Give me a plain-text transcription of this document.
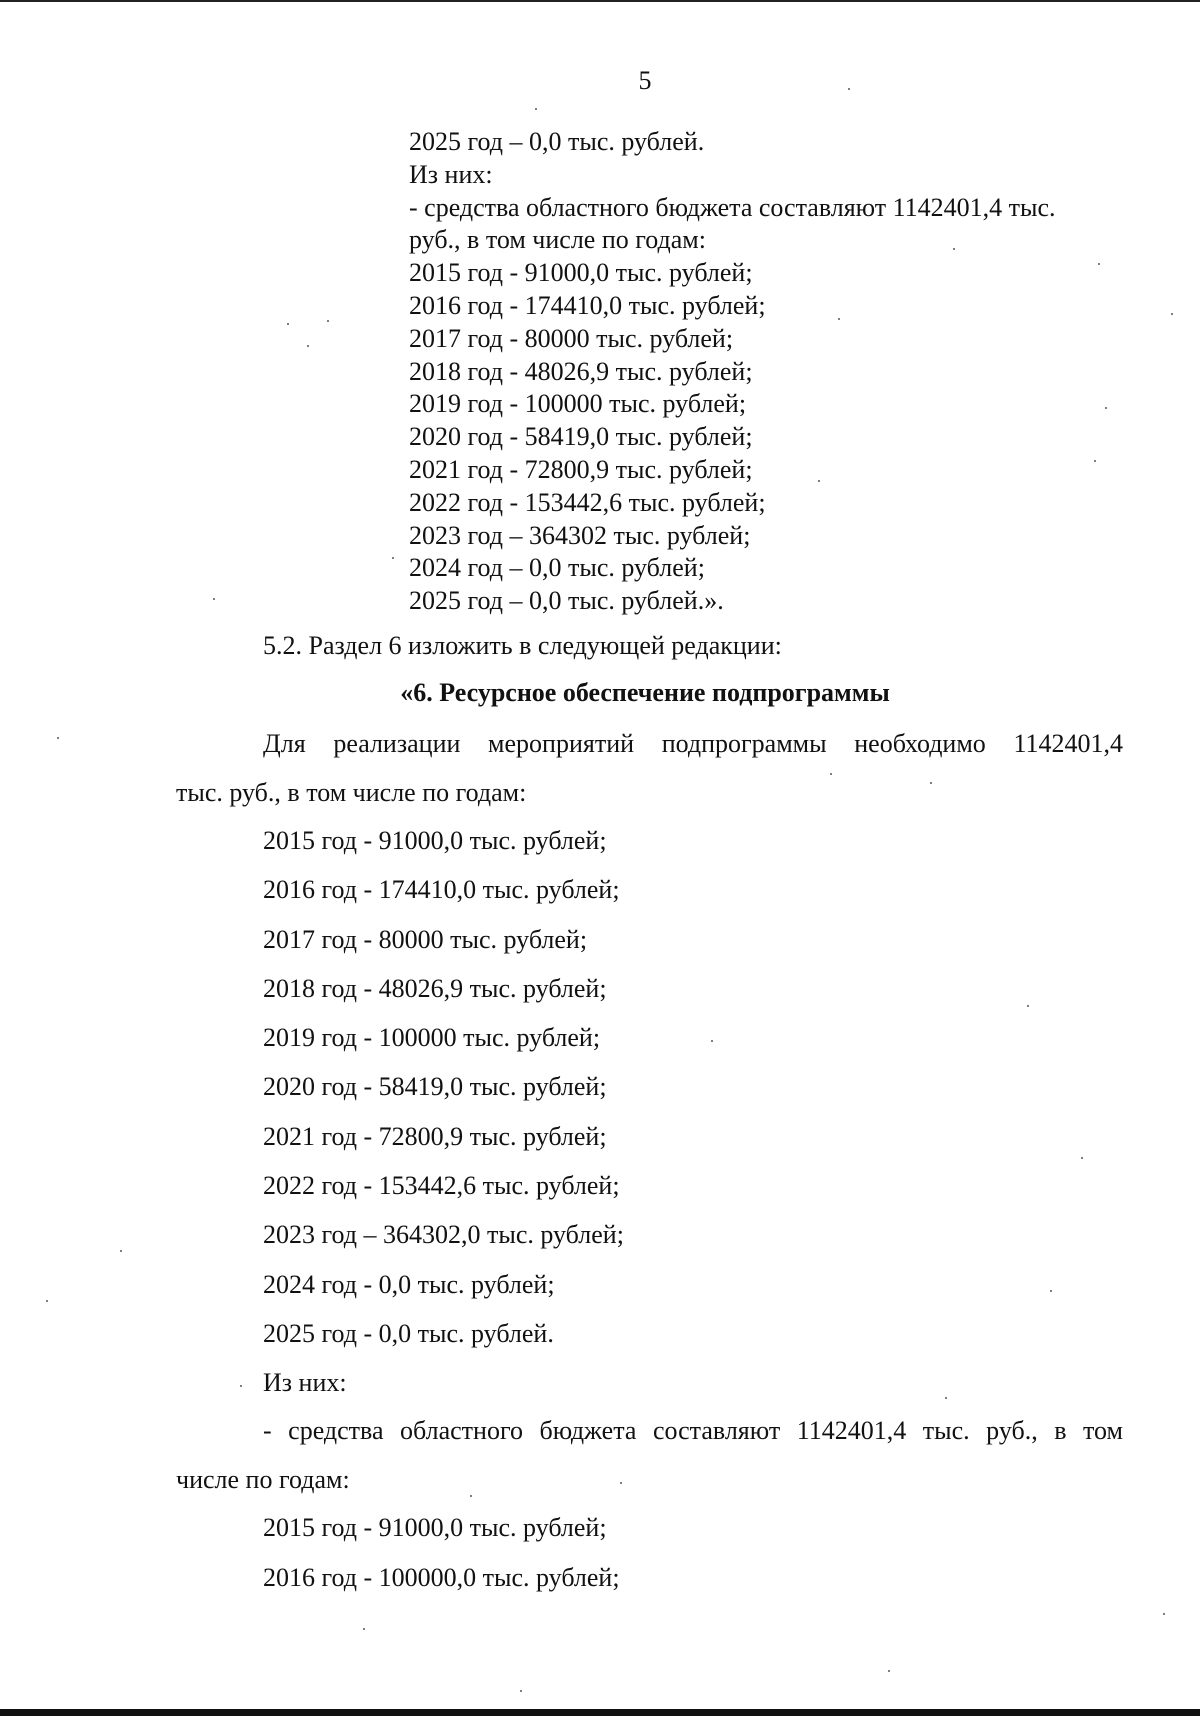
5
2025 год – 0,0 тыс. рублей.
Из них:
- средства областного бюджета составляют 1142401,4 тыс.
руб., в том числе по годам:
2015 год - 91000,0 тыс. рублей;
2016 год - 174410,0 тыс. рублей;
2017 год - 80000 тыс. рублей;
2018 год - 48026,9 тыс. рублей;
2019 год - 100000 тыс. рублей;
2020 год - 58419,0 тыс. рублей;
2021 год - 72800,9 тыс. рублей;
2022 год - 153442,6 тыс. рублей;
2023 год – 364302 тыс. рублей;
2024 год – 0,0 тыс. рублей;
2025 год – 0,0 тыс. рублей.».
5.2. Раздел 6 изложить в следующей редакции:
«6. Ресурсное обеспечение подпрограммы
Для реализации мероприятий подпрограммы необходимо 1142401,4
тыс. руб., в том числе по годам:
2015 год - 91000,0 тыс. рублей;
2016 год - 174410,0 тыс. рублей;
2017 год - 80000 тыс. рублей;
2018 год - 48026,9 тыс. рублей;
2019 год - 100000 тыс. рублей;
2020 год - 58419,0 тыс. рублей;
2021 год - 72800,9 тыс. рублей;
2022 год - 153442,6 тыс. рублей;
2023 год – 364302,0 тыс. рублей;
2024 год - 0,0 тыс. рублей;
2025 год - 0,0 тыс. рублей.
Из них:
- средства областного бюджета составляют 1142401,4 тыс. руб., в том
числе по годам:
2015 год - 91000,0 тыс. рублей;
2016 год - 100000,0 тыс. рублей;
